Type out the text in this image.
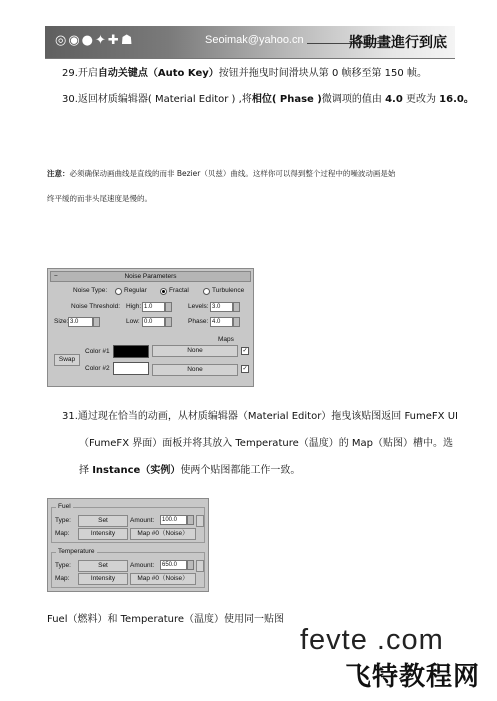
◎◉●✦✚☗	Seoimak@yahoo.cn	將動畫進行到底
29.开启自动关键点（Auto Key）按钮并拖曳时间滑块从第 0 帧移至第 150 帧。
30.返回材质编辑器( Material Editor ) ,将相位( Phase )微调项的值由 4.0 更改为 16.0。
注意：必须确保动画曲线是直线的而非 Bezier（贝兹）曲线。这样你可以得到整个过程中的噪波动画是始
终平缓的而非头尾速度是慢的。
−	Noise Parameters
Noise Type:	Regular	Fractal	Turbulence
Noise Threshold: High: 1.0	Levels: 3.0
Size: 3.0	Low: 0.0	Phase: 4.0
Maps
Swap
Color #1	None	✓
Color #2	None	✓
31.通过现在恰当的动画，从材质编辑器（Material Editor）拖曳该贴图返回 FumeFX UI
（FumeFX 界面）面板并将其放入 Temperature（温度）的 Map（贴图）槽中。选
择 Instance（实例）使两个贴图都能工作一致。
Fuel
Type:	Set	Amount:	100.0
Map:	Intensity	Map #0（Noise）
Temperature
Type:	Set	Amount:	650.0
Map:	Intensity	Map #0（Noise）
Fuel（燃料）和 Temperature（温度）使用同一贴图
fevte .com
飞特教程网
